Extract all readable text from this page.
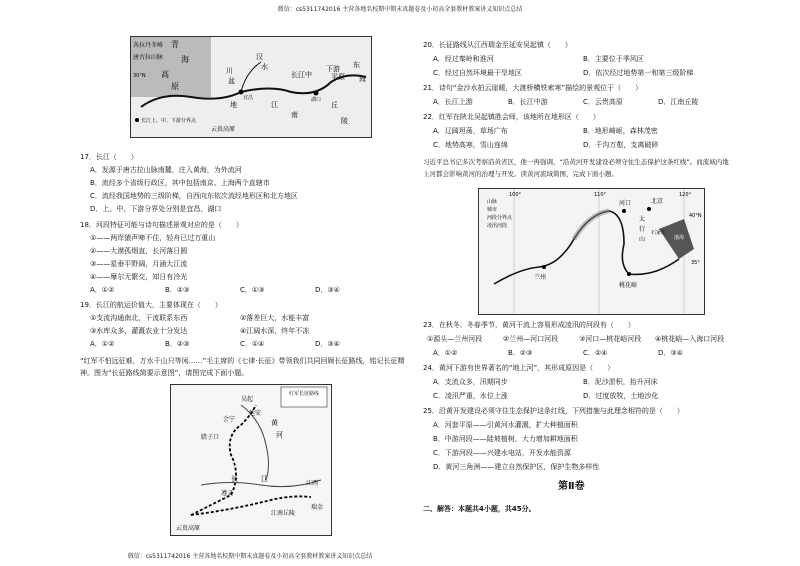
微信：cs5311742016 主营各地名校期中期末真题卷及小初高全套教材教案讲义知识点总结
各拉丹冬峰
唐古拉山脉
30°N
青
海
高
原
汉
水
长江中
下游
平原
东
海
川
盆
地	江
南
丘
陵
云贵高原
宜昌	湖口
长江上、中、下游分界点
17．长江（　　）
A．发源于唐古拉山脉南麓，注入黄海，为外流河
B．流经多个省级行政区，其中包括南京、上海两个直辖市
C．流经我国地势的三级阶梯，自西向东依次流经地形区和北方地区
D．上、中、下游分界处分别是宜昌、湖口
18．河段特征可能与诗句描述景观对应的是（　　）
①——两岸猿声啼不住，轻舟已过万重山
②——大漠孤烟直，长河落日圆
③——星垂平野阔，月涌大江流
④——摩尔无繁交，知日有冷光
A．①②	B．②③	C．①③	D．③④
19．长江的航运价值大，主要体现在（　　）
①支流沟通南北，干流联系东西	②落差巨大，水能丰富
③水库众多，灌溉农业十分发达	④江阔水深，终年不冻
A．①②	B．②③	C．①④	D．③④
“红军不怕远征难，万水千山只等闲……”毛主席的《七律·长征》带领我们共同回顾长征路线，铭记长征精神。图为“长征路线简要示意图”，请图完成下面小题。
红军长征路线
吴起
延安
会宁
腊子口
黄
河
遵义
瑞金
江西
长	江
江南丘陵
云贵高原
20．长征路线从江西瑞金至延安吴起镇（　　）
A．经过秦岭和淮河	B．主要位于季风区
C．经过自然环境最干旱地区	D．依次经过地势第一和第三级阶梯
21．诗句“金沙水拍云崖暖，大渡桥横铁索寒”描绘的景观位于（　　）
A．长江上游	B．长江中游	C．云贵高原	D．江南丘陵
22．红军在陕北吴起镇胜会师，该地所在地形区（　　）
A．辽阔坦荡，草场广布	B．地形崎岖，森林茂密
C．地势高寒，雪山连绵	D．千沟万壑，支离破碎
习近平总书记多次考察沿黄省区，他一再强调，“沿黄河开发建设必须守住生态保护这条红线”。而流域内地上河都会影响黄河的治理与开发。读黄河流域简图，完成下面小题。
100°	110°	120°
40°N
35°
山脉
城市
河段分界点
凌汛河段
河口	北京
太
行
山
石家庄
兰州
桃花峪
渤海
23．在秋冬、冬春季节，黄河干流上容易形成凌汛的河段有（　　）
①源头—兰州河段	②兰州—河口河段	③河口—桃花峪河段 ④桃花峪—入海口河段
A．①②	B．②③	C．②④	D．③④
24．黄河下游有世界著名的“地上河”，其形成原因是（　　）
A．支流众多，汛期同步	B．泥沙淤积，抬升河床
C．凌汛严重，水位上涨	D．过度放牧，土地沙化
25．沿黄开发建设必须守住生态保护这条红线，下列措施与此理念相符的是（　　）
A．河套平原——引黄河水灌溉，扩大种植面积
B．中游河段——陡坡植树，大力增加耕地面积
C．下游河段——兴建水电站，开发水能资源
D．黄河三角洲——建立自然保护区，保护生物多样性
第Ⅱ卷
二、解答：本题共4小题，共45分。
微信：cs5311742016 主营各地名校期中期末真题卷及小初高全套教材教案讲义知识点总结
